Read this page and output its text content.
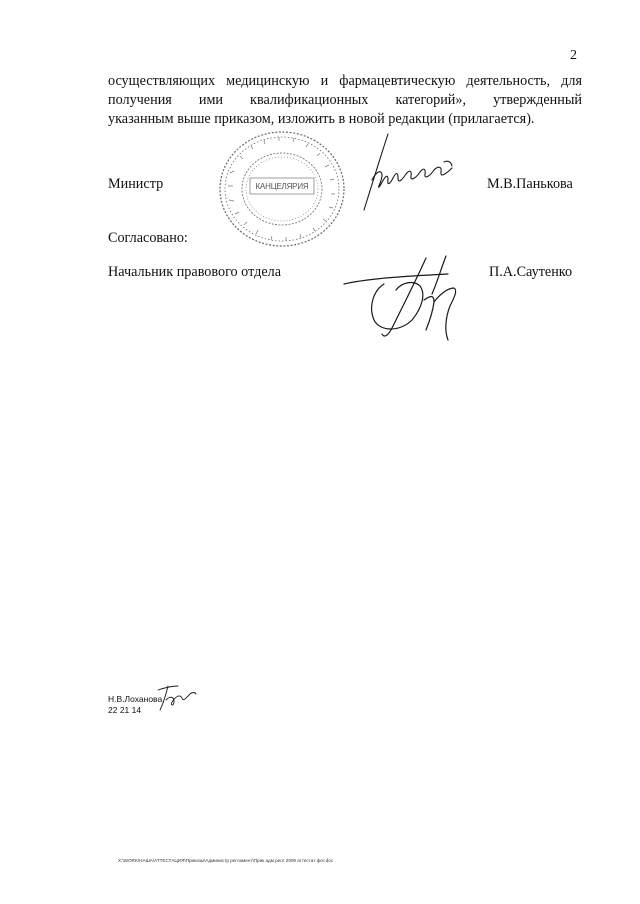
2
осуществляющих медицинскую и фармацевтическую деятельность, для
получения ими квалификационных категорий», утвержденный
указанным выше приказом, изложить в новой редакции (прилагается).
Министр	М.В.Панькова
КАНЦЕЛЯРИЯ
Согласовано:
Начальник правового отдела	П.А.Саутенко
Н.В.Лоханова,
22 21 14
X:\WORK\НАША\АТТЕСТАЦИЯ\Приказы\Администр регламент\Прик адм регл 2009 аттестат фот.doc
